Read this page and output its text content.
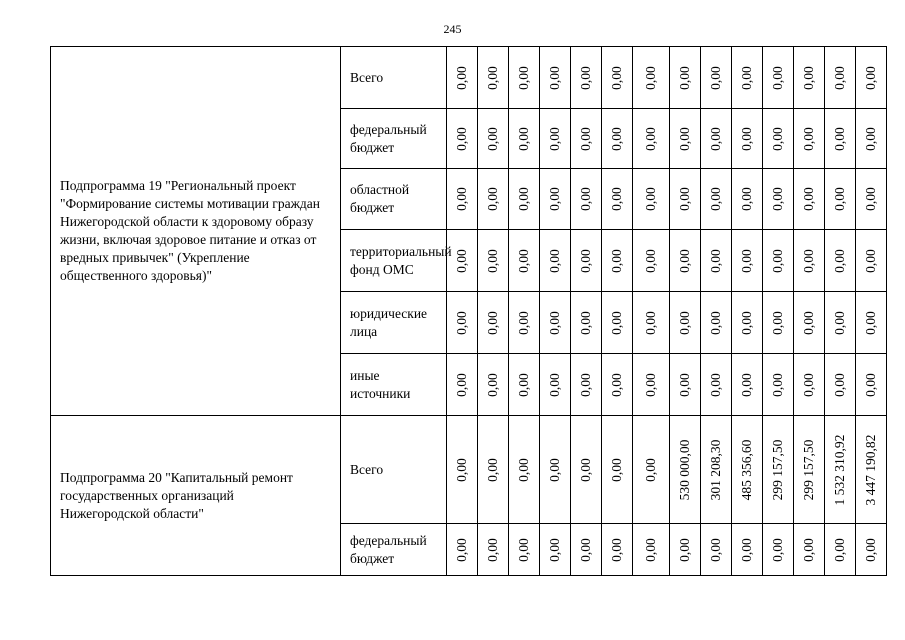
245
Подпрограмма 19 "Региональный проект "Формирование системы мотивации граждан Нижегородской области к здоровому образу жизни, включая здоровое питание и отказ от вредных привычек" (Укрепление общественного здоровья)"	Всего	0,00	0,00	0,00	0,00	0,00	0,00	0,00	0,00	0,00	0,00	0,00	0,00	0,00	0,00

	федеральный бюджет	0,00	0,00	0,00	0,00	0,00	0,00	0,00	0,00	0,00	0,00	0,00	0,00	0,00	0,00

	областной бюджет	0,00	0,00	0,00	0,00	0,00	0,00	0,00	0,00	0,00	0,00	0,00	0,00	0,00	0,00

	территориальный фонд ОМС	0,00	0,00	0,00	0,00	0,00	0,00	0,00	0,00	0,00	0,00	0,00	0,00	0,00	0,00

	юридические лица	0,00	0,00	0,00	0,00	0,00	0,00	0,00	0,00	0,00	0,00	0,00	0,00	0,00	0,00

	иные источники	0,00	0,00	0,00	0,00	0,00	0,00	0,00	0,00	0,00	0,00	0,00	0,00	0,00	0,00

Подпрограмма 20 "Капитальный ремонт государственных организаций Нижегородской области"	Всего	0,00	0,00	0,00	0,00	0,00	0,00	0,00	530 000,00	301 208,30	485 356,60	299 157,50	299 157,50	1 532 310,92	3 447 190,82

	федеральный бюджет	0,00	0,00	0,00	0,00	0,00	0,00	0,00	0,00	0,00	0,00	0,00	0,00	0,00	0,00
